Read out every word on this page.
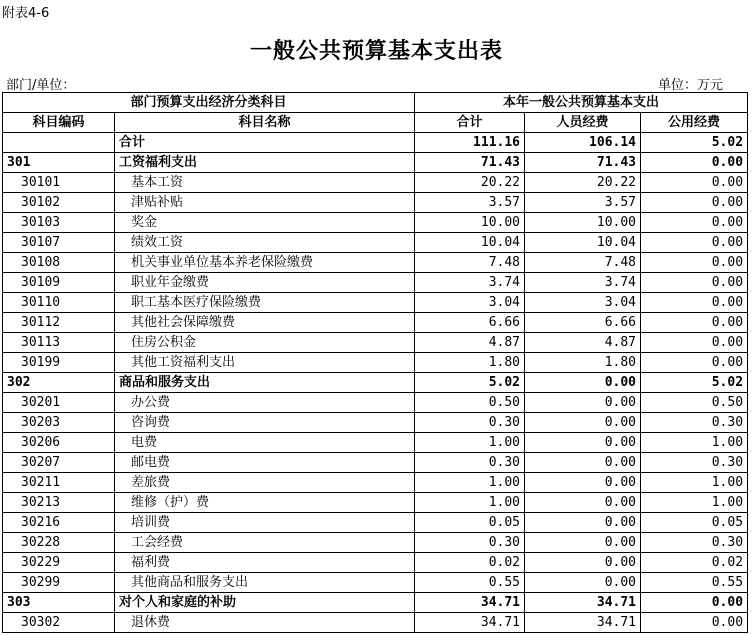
附表4-6
一般公共预算基本支出表
部门/单位：	单位：万元
部门预算支出经济分类科目		本年一般公共预算基本支出		
科目编码	科目名称	合计	人员经费	公用经费
	合计	111.16	106.14	5.02
301	工资福利支出	71.43	71.43	0.00
30101	基本工资	20.22	20.22	0.00
30102	津贴补贴	3.57	3.57	0.00
30103	奖金	10.00	10.00	0.00
30107	绩效工资	10.04	10.04	0.00
30108	机关事业单位基本养老保险缴费	7.48	7.48	0.00
30109	职业年金缴费	3.74	3.74	0.00
30110	职工基本医疗保险缴费	3.04	3.04	0.00
30112	其他社会保障缴费	6.66	6.66	0.00
30113	住房公积金	4.87	4.87	0.00
30199	其他工资福利支出	1.80	1.80	0.00
302	商品和服务支出	5.02	0.00	5.02
30201	办公费	0.50	0.00	0.50
30203	咨询费	0.30	0.00	0.30
30206	电费	1.00	0.00	1.00
30207	邮电费	0.30	0.00	0.30
30211	差旅费	1.00	0.00	1.00
30213	维修（护）费	1.00	0.00	1.00
30216	培训费	0.05	0.00	0.05
30228	工会经费	0.30	0.00	0.30
30229	福利费	0.02	0.00	0.02
30299	其他商品和服务支出	0.55	0.00	0.55
303	对个人和家庭的补助	34.71	34.71	0.00
30302	退休费	34.71	34.71	0.00
